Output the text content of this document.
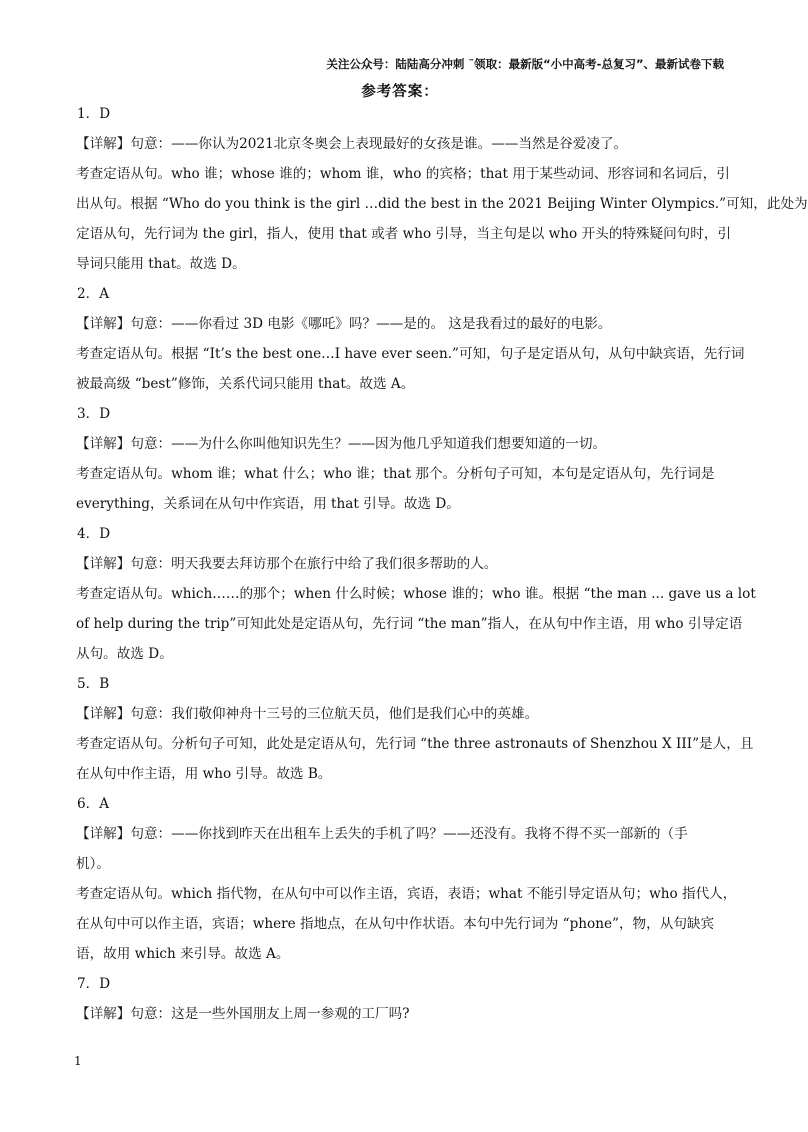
关注公众号：陆陆高分冲刺 ˜领取：最新版“小中高考-总复习”、最新试卷下载
参考答案：
1．D
【详解】句意：——你认为2021北京冬奥会上表现最好的女孩是谁。——当然是谷爱凌了。
考查定语从句。who 谁；whose 谁的；whom 谁，who 的宾格；that 用于某些动词、形容词和名词后，引
出从句。根据 “Who do you think is the girl …did the best in the 2021 Beijing Winter Olympics.”可知，此处为
定语从句，先行词为 the girl，指人，使用 that 或者 who 引导，当主句是以 who 开头的特殊疑问句时，引
导词只能用 that。故选 D。
2．A
【详解】句意：——你看过 3D 电影《哪吒》吗？——是的。 这是我看过的最好的电影。
考查定语从句。根据 “It’s the best one…I have ever seen.”可知，句子是定语从句，从句中缺宾语，先行词
被最高级 “best”修饰，关系代词只能用 that。故选 A。
3．D
【详解】句意：——为什么你叫他知识先生？——因为他几乎知道我们想要知道的一切。
考查定语从句。whom 谁；what 什么；who 谁；that 那个。分析句子可知，本句是定语从句，先行词是
everything，关系词在从句中作宾语，用 that 引导。故选 D。
4．D
【详解】句意：明天我要去拜访那个在旅行中给了我们很多帮助的人。
考查定语从句。which……的那个；when 什么时候；whose 谁的；who 谁。根据 “the man ... gave us a lot
of help during the trip”可知此处是定语从句，先行词 “the man”指人，在从句中作主语，用 who 引导定语
从句。故选 D。
5．B
【详解】句意：我们敬仰神舟十三号的三位航天员，他们是我们心中的英雄。
考查定语从句。分析句子可知，此处是定语从句，先行词 “the three astronauts of Shenzhou X III”是人，且
在从句中作主语，用 who 引导。故选 B。
6．A
【详解】句意：——你找到昨天在出租车上丢失的手机了吗？——还没有。我将不得不买一部新的（手
机）。
考查定语从句。which 指代物，在从句中可以作主语，宾语，表语；what 不能引导定语从句；who 指代人，
在从句中可以作主语，宾语；where 指地点，在从句中作状语。本句中先行词为 “phone”，物，从句缺宾
语，故用 which 来引导。故选 A。
7．D
【详解】句意：这是一些外国朋友上周一参观的工厂吗?
1
